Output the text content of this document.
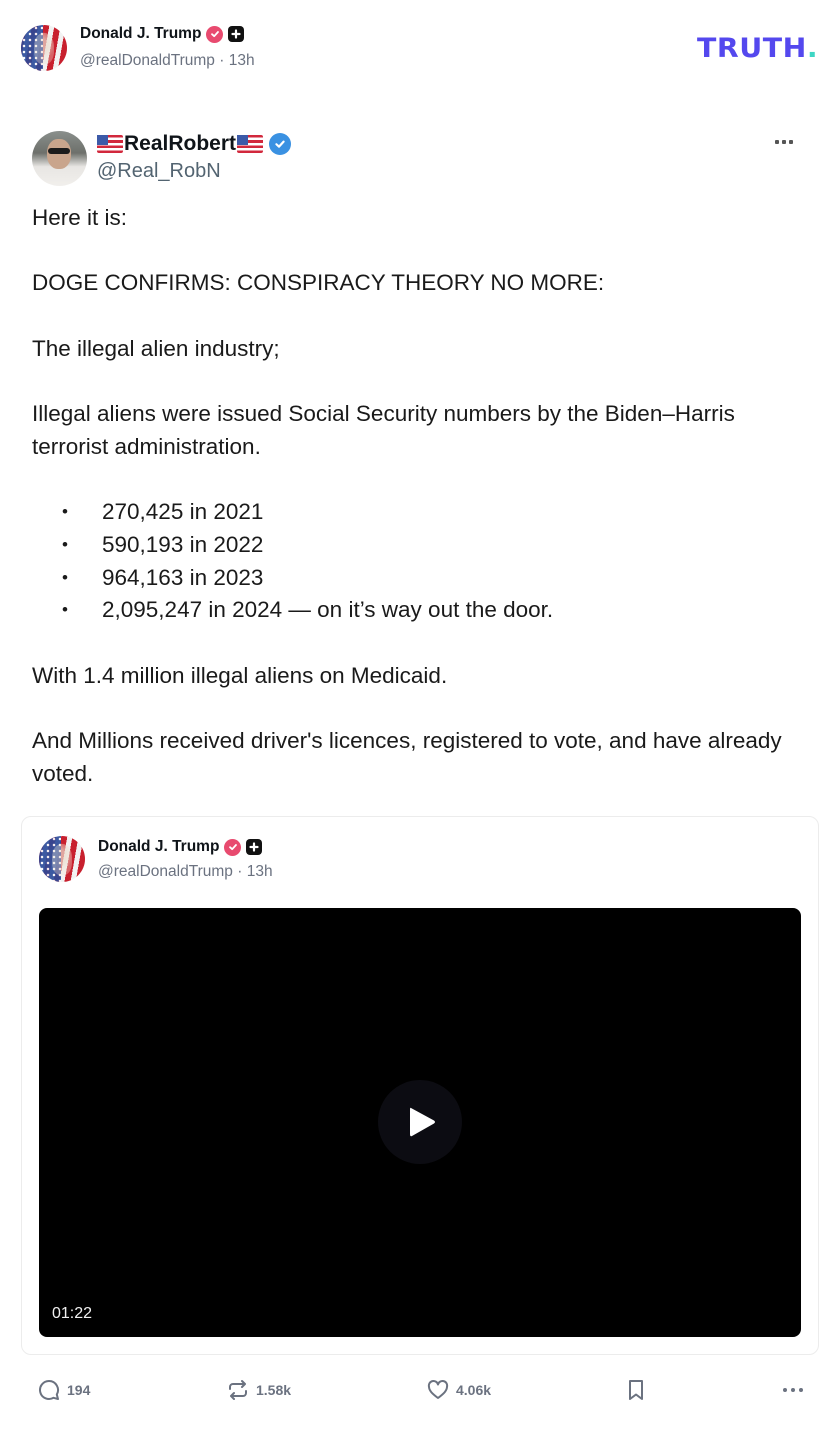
Donald J. Trump
@realDonaldTrump · 13h	TRUTH.
RealRobert
@Real_RobN

Here it is:

DOGE CONFIRMS: CONSPIRACY THEORY NO MORE:

The illegal alien industry;

Illegal aliens were issued Social Security numbers by the Biden–Harris terrorist administration.

• 270,425 in 2021
• 590,193 in 2022
• 964,163 in 2023
• 2,095,247 in 2024 — on it’s way out the door.

With 1.4 million illegal aliens on Medicaid.

And Millions received driver's licences, registered to vote, and have already voted.

Donald J. Trump
@realDonaldTrump · 13h
01:22
194	1.58k	4.06k
